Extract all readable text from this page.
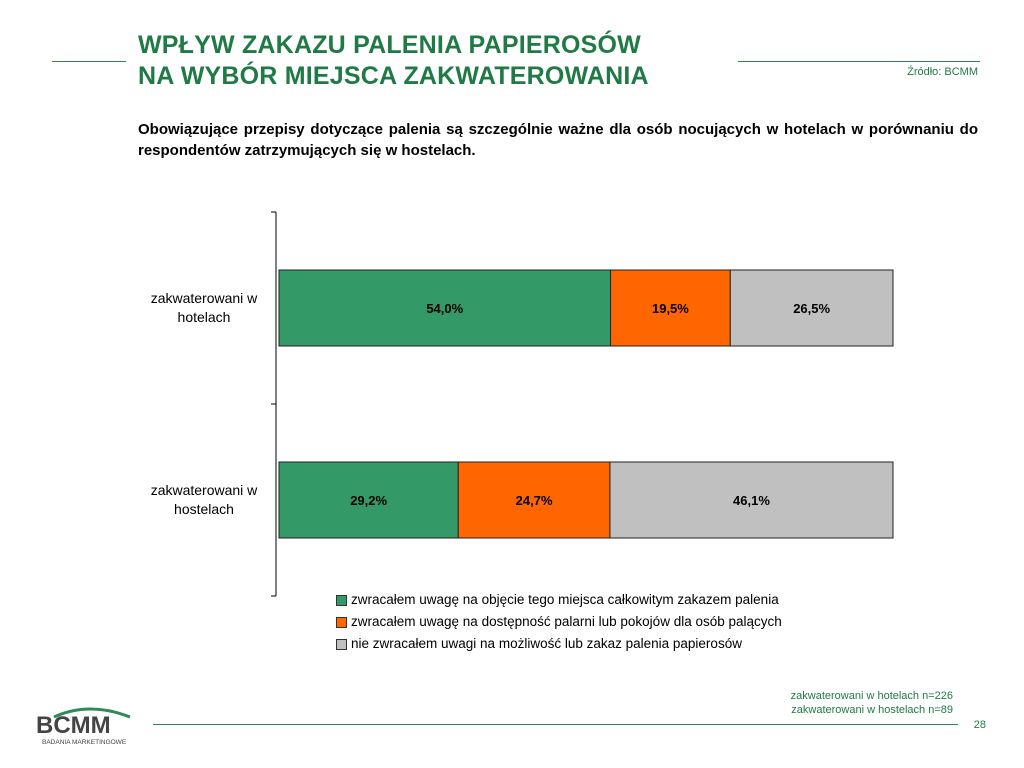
WPŁYW ZAKAZU PALENIA PAPIEROSÓW
NA WYBÓR MIEJSCA ZAKWATEROWANIA	Źródło: BCMM

Obowiązujące przepisy dotyczące palenia są szczególnie ważne dla osób nocujących w hotelach w porównaniu do respondentów zatrzymujących się w hostelach.

54,0%	19,5%	26,5%
29,2%	24,7%	46,1%
zakwaterowani w
hotelach
zakwaterowani w
hostelach
zwracałem uwagę na objęcie tego miejsca całkowitym zakazem palenia
zwracałem uwagę na dostępność palarni lub pokojów dla osób palących
nie zwracałem uwagi na możliwość lub zakaz palenia papierosów
zakwaterowani w hotelach n=226
zakwaterowani w hostelach n=89
28
BCMM
BADANIA MARKETINGOWE
